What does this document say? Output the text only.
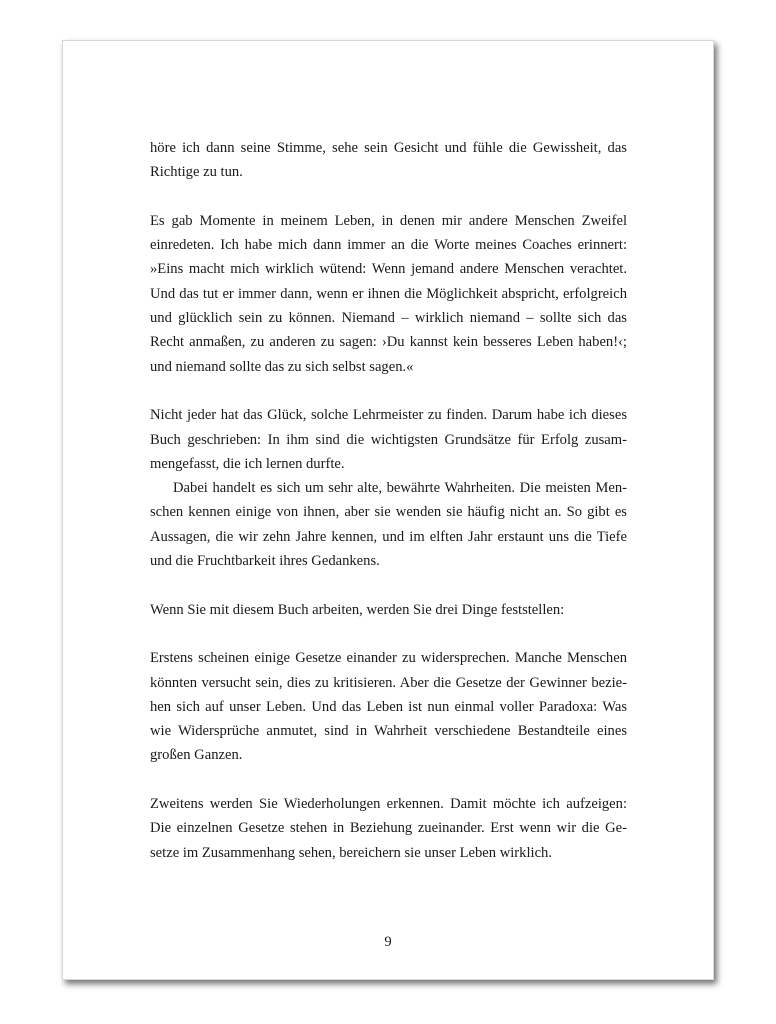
höre ich dann seine Stimme, sehe sein Gesicht und fühle die Gewissheit, das

Richtige zu tun.

Es gab Momente in meinem Leben, in denen mir andere Menschen Zweifel

einredeten. Ich habe mich dann immer an die Worte meines Coaches erinnert:

»Eins macht mich wirklich wütend: Wenn jemand andere Menschen verachtet.

Und das tut er immer dann, wenn er ihnen die Möglichkeit abspricht, erfolgreich

und glücklich sein zu können. Niemand – wirklich niemand – sollte sich das

Recht anmaßen, zu anderen zu sagen: ›Du kannst kein besseres Leben haben!‹;

und niemand sollte das zu sich selbst sagen.«

Nicht jeder hat das Glück, solche Lehrmeister zu finden. Darum habe ich dieses

Buch geschrieben: In ihm sind die wichtigsten Grundsätze für Erfolg zusam-

mengefasst, die ich lernen durfte.

Dabei handelt es sich um sehr alte, bewährte Wahrheiten. Die meisten Men-

schen kennen einige von ihnen, aber sie wenden sie häufig nicht an. So gibt es

Aussagen, die wir zehn Jahre kennen, und im elften Jahr erstaunt uns die Tiefe

und die Fruchtbarkeit ihres Gedankens.

Wenn Sie mit diesem Buch arbeiten, werden Sie drei Dinge feststellen:

Erstens scheinen einige Gesetze einander zu widersprechen. Manche Menschen

könnten versucht sein, dies zu kritisieren. Aber die Gesetze der Gewinner bezie-

hen sich auf unser Leben. Und das Leben ist nun einmal voller Paradoxa: Was

wie Widersprüche anmutet, sind in Wahrheit verschiedene Bestandteile eines

großen Ganzen.

Zweitens werden Sie Wiederholungen erkennen. Damit möchte ich aufzeigen:

Die einzelnen Gesetze stehen in Beziehung zueinander. Erst wenn wir die Ge-

setze im Zusammenhang sehen, bereichern sie unser Leben wirklich.

9
